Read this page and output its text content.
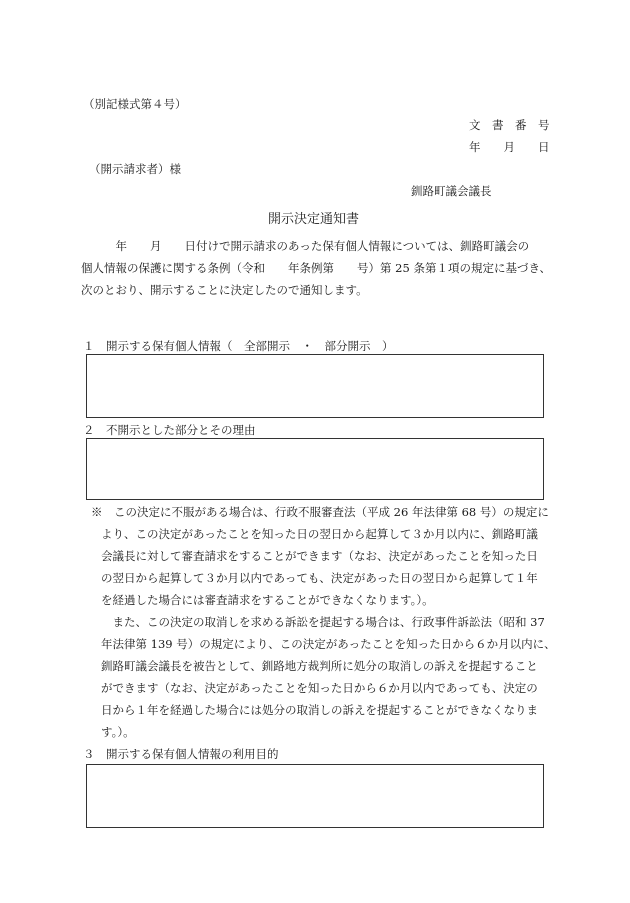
（別記様式第４号）
文　書　番　号
年　　月　　日
（開示請求者）様
釧路町議会議長
開示決定通知書
　　　年　　月　　日付けで開示請求のあった保有個人情報については、釧路町議会の
個人情報の保護に関する条例（令和　　年条例第　　号）第 25 条第１項の規定に基づき、
次のとおり、開示することに決定したので通知します。
１　開示する保有個人情報（　全部開示　・　部分開示　）
２　不開示とした部分とその理由
※　この決定に不服がある場合は、行政不服審査法（平成 26 年法律第 68 号）の規定に
より、この決定があったことを知った日の翌日から起算して３か月以内に、釧路町議
会議長に対して審査請求をすることができます（なお、決定があったことを知った日
の翌日から起算して３か月以内であっても、決定があった日の翌日から起算して１年
を経過した場合には審査請求をすることができなくなります。）。
　また、この決定の取消しを求める訴訟を提起する場合は、行政事件訴訟法（昭和 37
年法律第 139 号）の規定により、この決定があったことを知った日から６か月以内に、
釧路町議会議長を被告として、釧路地方裁判所に処分の取消しの訴えを提起すること
ができます（なお、決定があったことを知った日から６か月以内であっても、決定の
日から１年を経過した場合には処分の取消しの訴えを提起することができなくなりま
す。）。
３　開示する保有個人情報の利用目的
